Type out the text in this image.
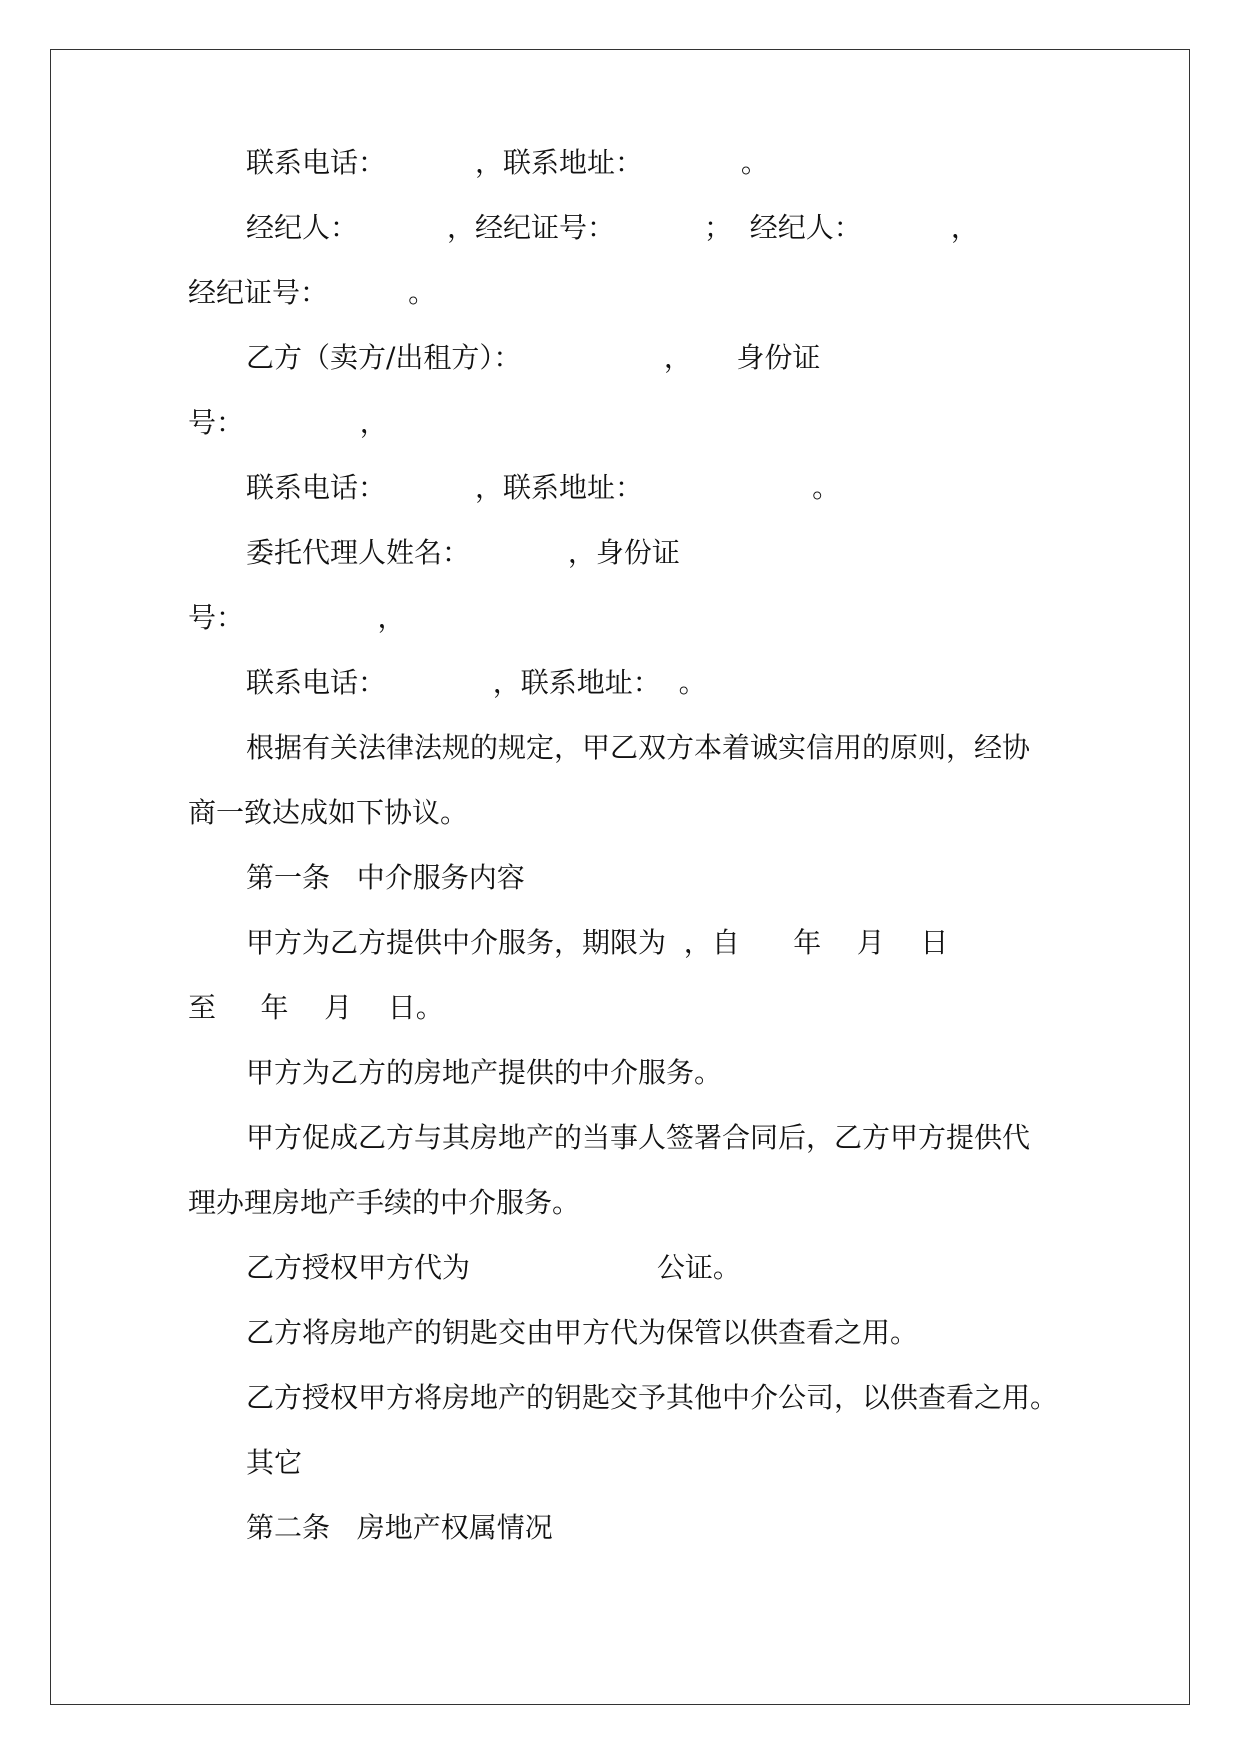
联系电话：          ，联系地址：           。
经纪人：          ，经纪证号：          ；  经纪人：          ，
经纪证号：         。
乙方（卖方/出租方）：                ，     身份证
号：             ，
联系电话：          ，联系地址：                   。
委托代理人姓名：           ，身份证
号：               ，
联系电话：            ，联系地址：  。
根据有关法律法规的规定，甲乙双方本着诚实信用的原则，经协
商一致达成如下协议。
第一条   中介服务内容
甲方为乙方提供中介服务，期限为  ，自      年    月    日
至     年    月    日。
甲方为乙方的房地产提供的中介服务。
甲方促成乙方与其房地产的当事人签署合同后，乙方甲方提供代
理办理房地产手续的中介服务。
乙方授权甲方代为                     公证。
乙方将房地产的钥匙交由甲方代为保管以供查看之用。
乙方授权甲方将房地产的钥匙交予其他中介公司，以供查看之用。
其它
第二条   房地产权属情况
